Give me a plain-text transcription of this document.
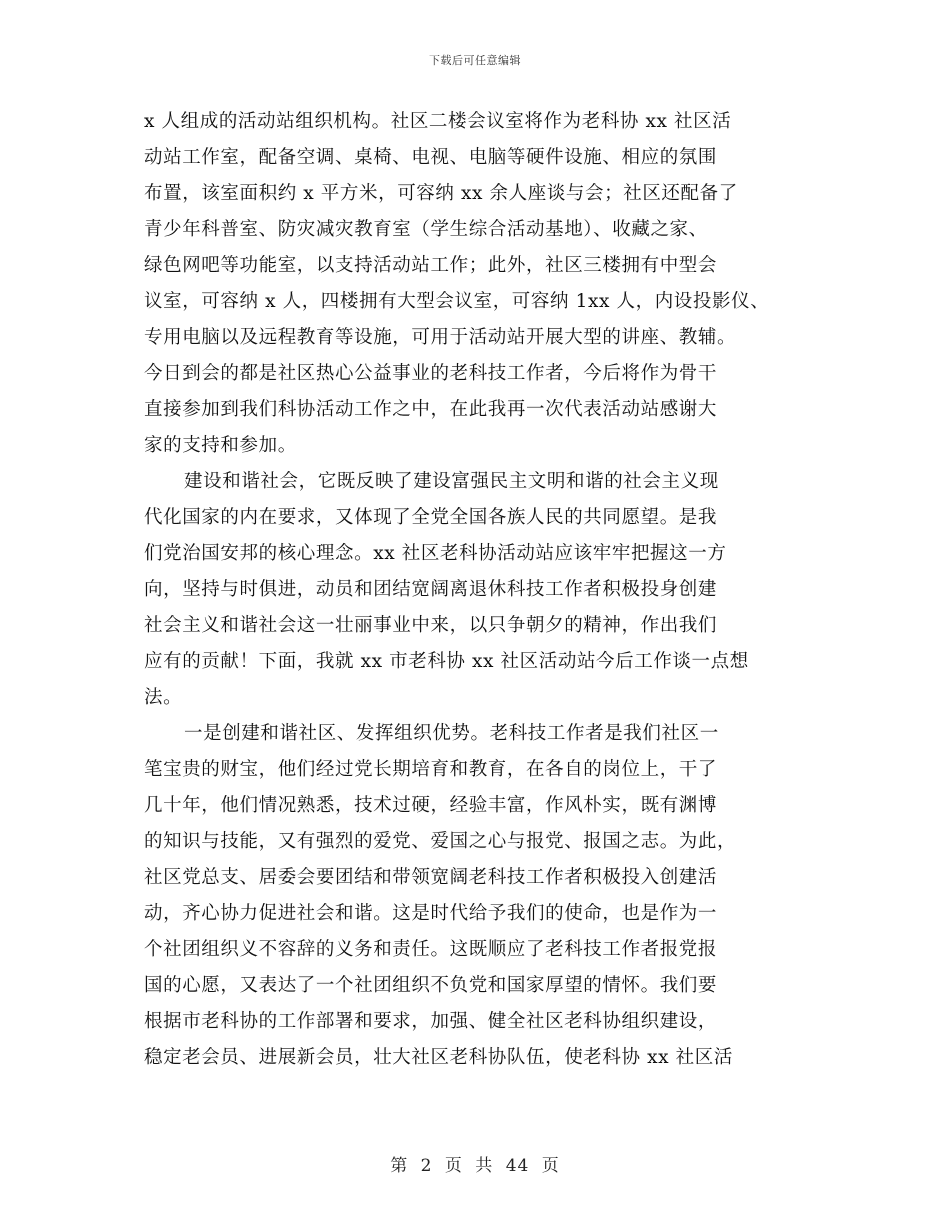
下载后可任意编辑
x 人组成的活动站组织机构。社区二楼会议室将作为老科协 xx 社区活
动站工作室，配备空调、桌椅、电视、电脑等硬件设施、相应的氛围
布置，该室面积约 x 平方米，可容纳 xx 余人座谈与会；社区还配备了
青少年科普室、防灾减灾教育室（学生综合活动基地）、收藏之家、
绿色网吧等功能室，以支持活动站工作；此外，社区三楼拥有中型会
议室，可容纳 x 人，四楼拥有大型会议室，可容纳 1xx 人，内设投影仪、
专用电脑以及远程教育等设施，可用于活动站开展大型的讲座、教辅。
今日到会的都是社区热心公益事业的老科技工作者，今后将作为骨干
直接参加到我们科协活动工作之中，在此我再一次代表活动站感谢大
家的支持和参加。
建设和谐社会，它既反映了建设富强民主文明和谐的社会主义现
代化国家的内在要求，又体现了全党全国各族人民的共同愿望。是我
们党治国安邦的核心理念。xx 社区老科协活动站应该牢牢把握这一方
向，坚持与时俱进，动员和团结宽阔离退休科技工作者积极投身创建
社会主义和谐社会这一壮丽事业中来，以只争朝夕的精神，作出我们
应有的贡献！下面，我就 xx 市老科协 xx 社区活动站今后工作谈一点想
法。
一是创建和谐社区、发挥组织优势。老科技工作者是我们社区一
笔宝贵的财宝，他们经过党长期培育和教育，在各自的岗位上，干了
几十年，他们情况熟悉，技术过硬，经验丰富，作风朴实，既有渊博
的知识与技能，又有强烈的爱党、爱国之心与报党、报国之志。为此，
社区党总支、居委会要团结和带领宽阔老科技工作者积极投入创建活
动，齐心协力促进社会和谐。这是时代给予我们的使命，也是作为一
个社团组织义不容辞的义务和责任。这既顺应了老科技工作者报党报
国的心愿，又表达了一个社团组织不负党和国家厚望的情怀。我们要
根据市老科协的工作部署和要求，加强、健全社区老科协组织建设，
稳定老会员、进展新会员，壮大社区老科协队伍，使老科协 xx 社区活
第 2 页 共 44 页
